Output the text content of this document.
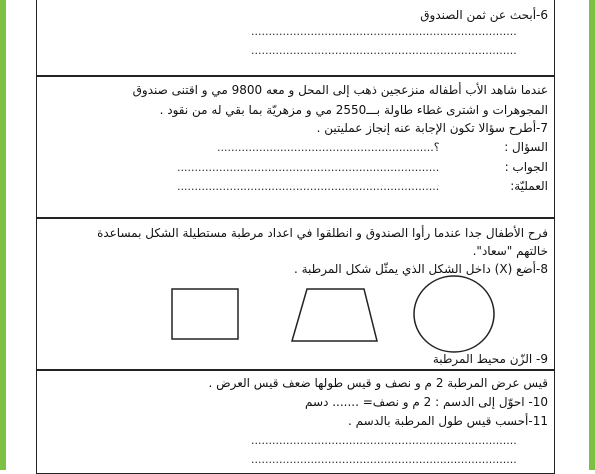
6-أبحث عن ثمن الصندوق
............................................................................
............................................................................
عندما شاهد الأب أطفاله منزعجين ذهب إلى المحل و معه 9800 مي و اقتنى صندوق
المجوهرات و اشترى غطاء طاولة بـــ2550 مي و مزهريّة بما بقي له من نقود .
7-أطرح سؤالا تكون الإجابة عنه إنجاز عمليتين .
السؤال :
..............................................................؟
الجواب :
...........................................................................
العمليّة:
...........................................................................
فرح الأطفال جدا عندما رأوا الصندوق و انطلقوا في اعداد مرطبة مستطيلة الشكل بمساعدة
خالتهم "سعاد".
8-أضع (X) داخل الشكل الذي يمثّل شكل المرطبة .
9- الزّن محيط المرطبة
قيس عرض المرطبة 2 م و نصف و قيس طولها ضعف قيس العرض .
10- احوّل إلى الدسم : 2 م و نصف= ....... دسم
11-أحسب قيس طول المرطبة بالدسم .
............................................................................
............................................................................
